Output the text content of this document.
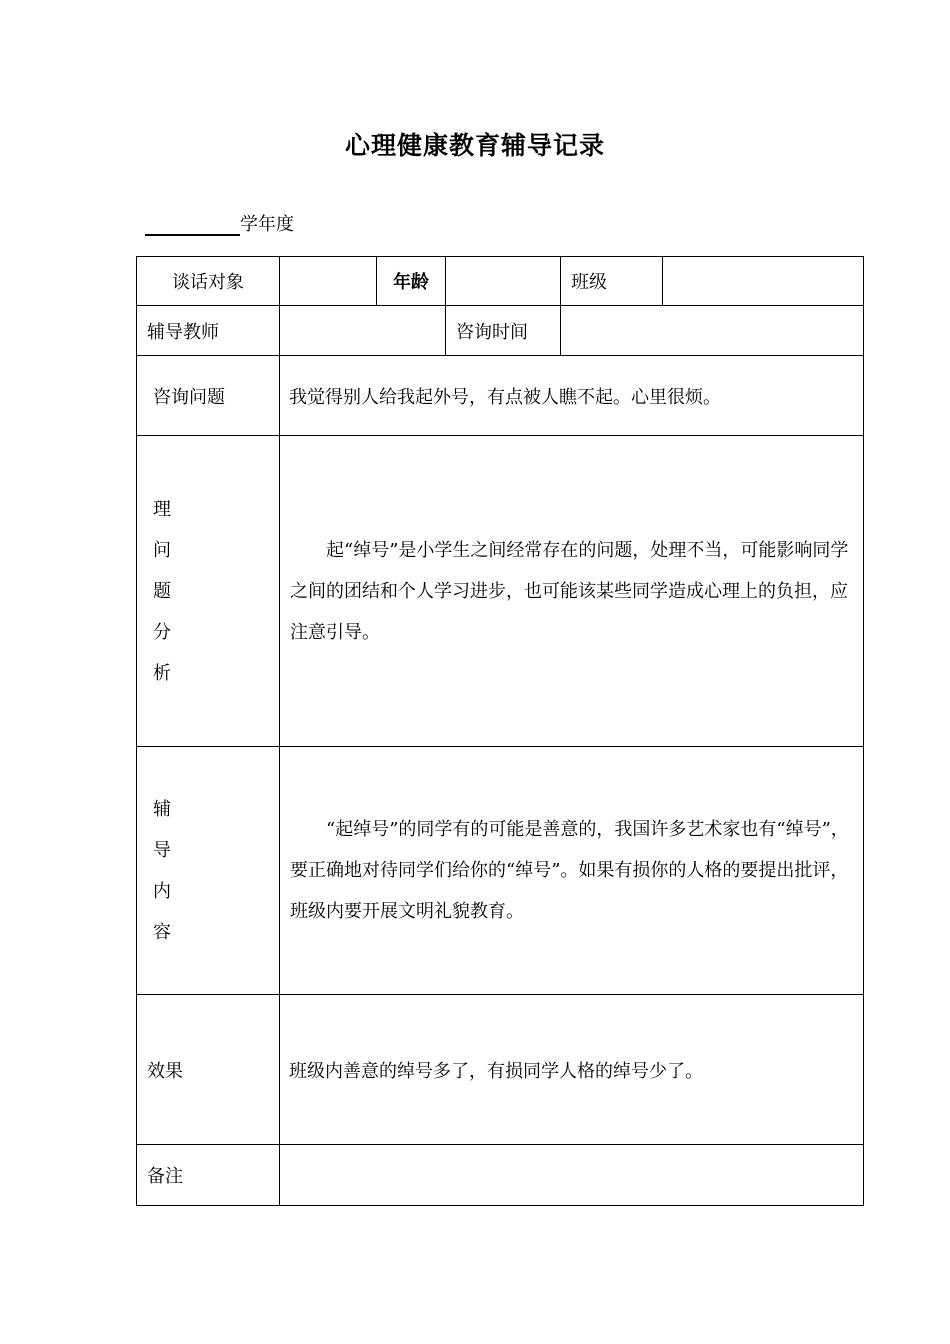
心理健康教育辅导记录
学年度
谈话对象		年龄		班级	
辅导教师			咨询时间		
咨询问题	我觉得别人给我起外号，有点被人瞧不起。心里很烦。				

理
问
题
分
析	起“绰号”是小学生之间经常存在的问题，处理不当，可能影响同学之间的团结和个人学习进步，也可能该某些同学造成心理上的负担，应注意引导。				

辅
导
内
容	“起绰号”的同学有的可能是善意的，我国许多艺术家也有“绰号”，要正确地对待同学们给你的“绰号”。如果有损你的人格的要提出批评，班级内要开展文明礼貌教育。				
效果	班级内善意的绰号多了，有损同学人格的绰号少了。				
备注					
